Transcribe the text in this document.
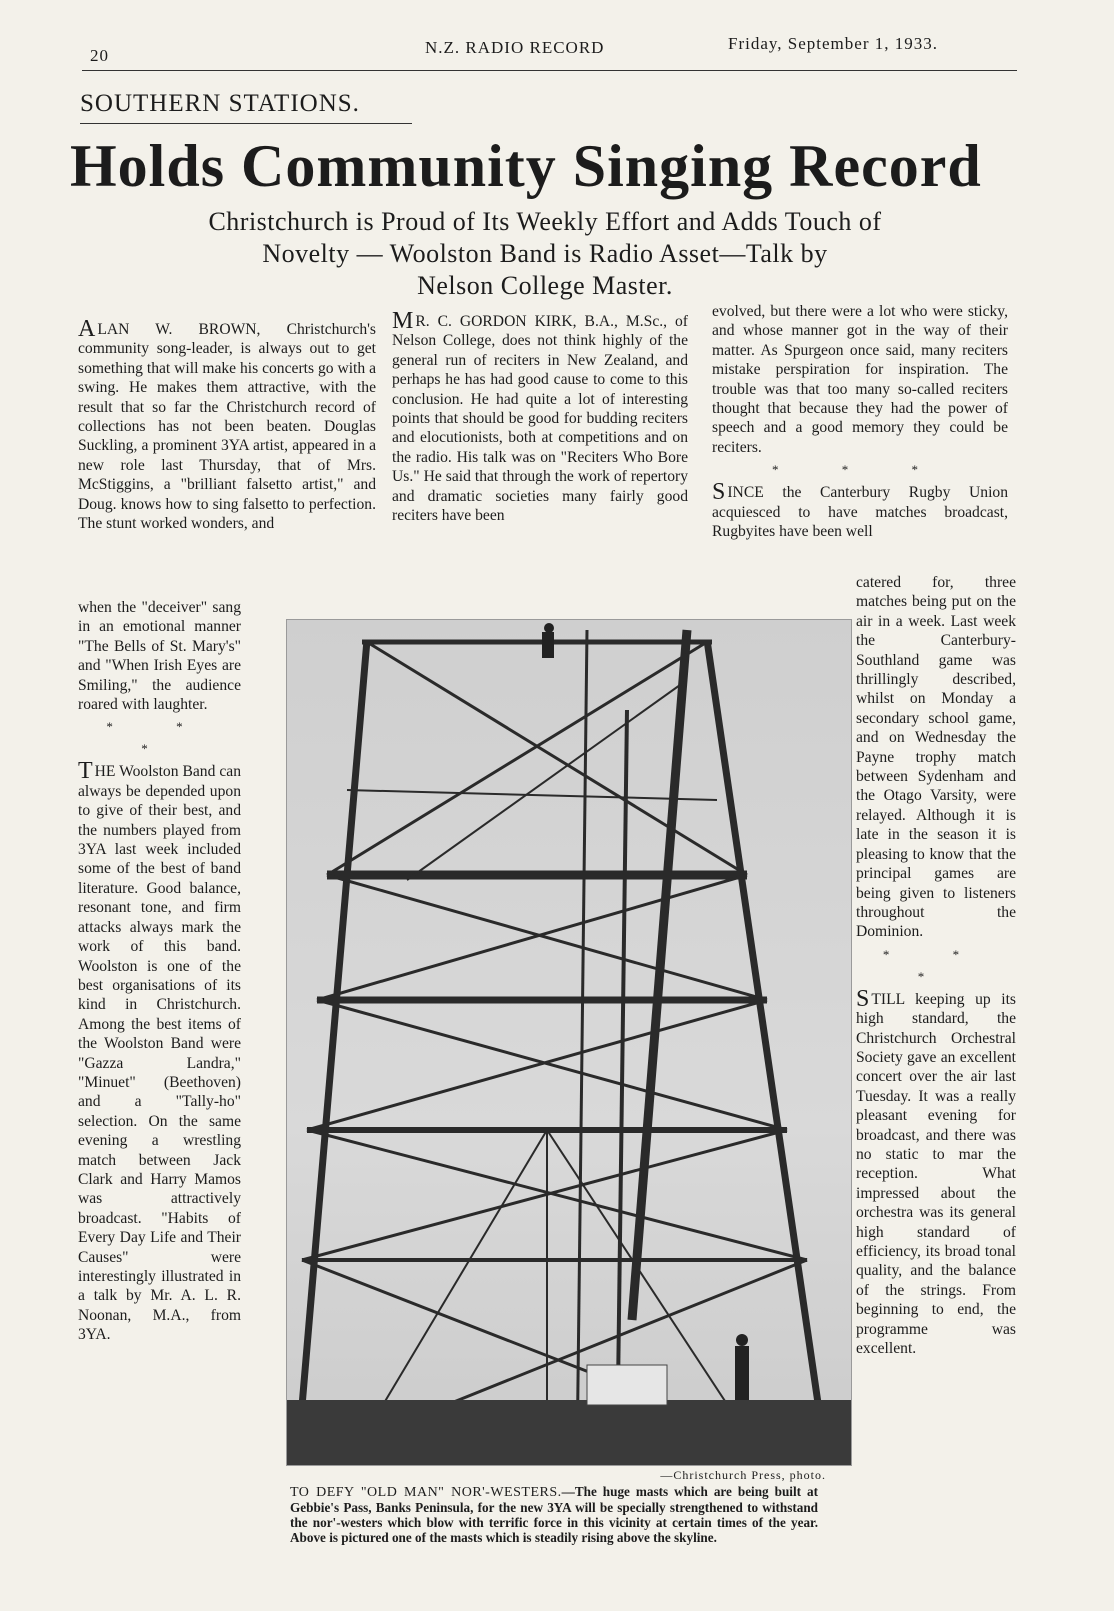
20	N.Z. RADIO RECORD	Friday, September 1, 1933.
SOUTHERN STATIONS.
Holds Community Singing Record
Christchurch is Proud of Its Weekly Effort and Adds Touch of
Novelty — Woolston Band is Radio Asset—Talk by
Nelson College Master.

ALAN W. BROWN, Christchurch's community song-leader, is always out to get something that will make his concerts go with a swing. He makes them attractive, with the result that so far the Christchurch record of collections has not been beaten. Douglas Suckling, a prominent 3YA artist, appeared in a new role last Thursday, that of Mrs. McStiggins, a "brilliant falsetto artist," and Doug. knows how to sing falsetto to perfection. The stunt worked wonders, and

when the "deceiver" sang in an emotional manner "The Bells of St. Mary's" and "When Irish Eyes are Smiling," the audience roared with laughter.

* * *

THE Woolston Band can always be depended upon to give of their best, and the numbers played from 3YA last week included some of the best of band literature. Good balance, resonant tone, and firm attacks always mark the work of this band. Woolston is one of the best organisations of its kind in Christchurch. Among the best items of the Woolston Band were "Gazza Landra," "Minuet" (Beethoven) and a "Tally-ho" selection. On the same evening a wrestling match between Jack Clark and Harry Mamos was attractively broadcast. "Habits of Every Day Life and Their Causes" were interestingly illustrated in a talk by Mr. A. L. R. Noonan, M.A., from 3YA.

M R. C. GORDON KIRK, B.A., M.Sc., of Nelson College, does not think highly of the general run of reciters in New Zealand, and perhaps he has had good cause to come to this conclusion. He had quite a lot of interesting points that should be good for budding reciters and elocutionists, both at competitions and on the radio. His talk was on "Reciters Who Bore Us." He said that through the work of repertory and dramatic societies many fairly good reciters have been

evolved, but there were a lot who were sticky, and whose manner got in the way of their matter. As Spurgeon once said, many reciters mistake perspiration for inspiration. The trouble was that too many so-called reciters thought that because they had the power of speech and a good memory they could be reciters.

* * *

SINCE the Canterbury Rugby Union acquiesced to have matches broadcast, Rugbyites have been well

catered for, three matches being put on the air in a week. Last week the Canterbury-Southland game was thrillingly described, whilst on Monday a secondary school game, and on Wednesday the Payne trophy match between Sydenham and the Otago Varsity, were relayed. Although it is late in the season it is pleasing to know that the principal games are being given to listeners throughout the Dominion.

* * *

STILL keeping up its high standard, the Christchurch Orchestral Society gave an excellent concert over the air last Tuesday. It was a really pleasant evening for broadcast, and there was no static to mar the reception. What impressed about the orchestra was its general high standard of efficiency, its broad tonal quality, and the balance of the strings. From beginning to end, the programme was excellent.

—Christchurch Press, photo.
TO DEFY "OLD MAN" NOR'-WESTERS.—The huge masts which are being built at Gebbie's Pass, Banks Peninsula, for the new 3YA will be specially strengthened to withstand the nor'-westers which blow with terrific force in this vicinity at certain times of the year. Above is pictured one of the masts which is steadily rising above the skyline.
